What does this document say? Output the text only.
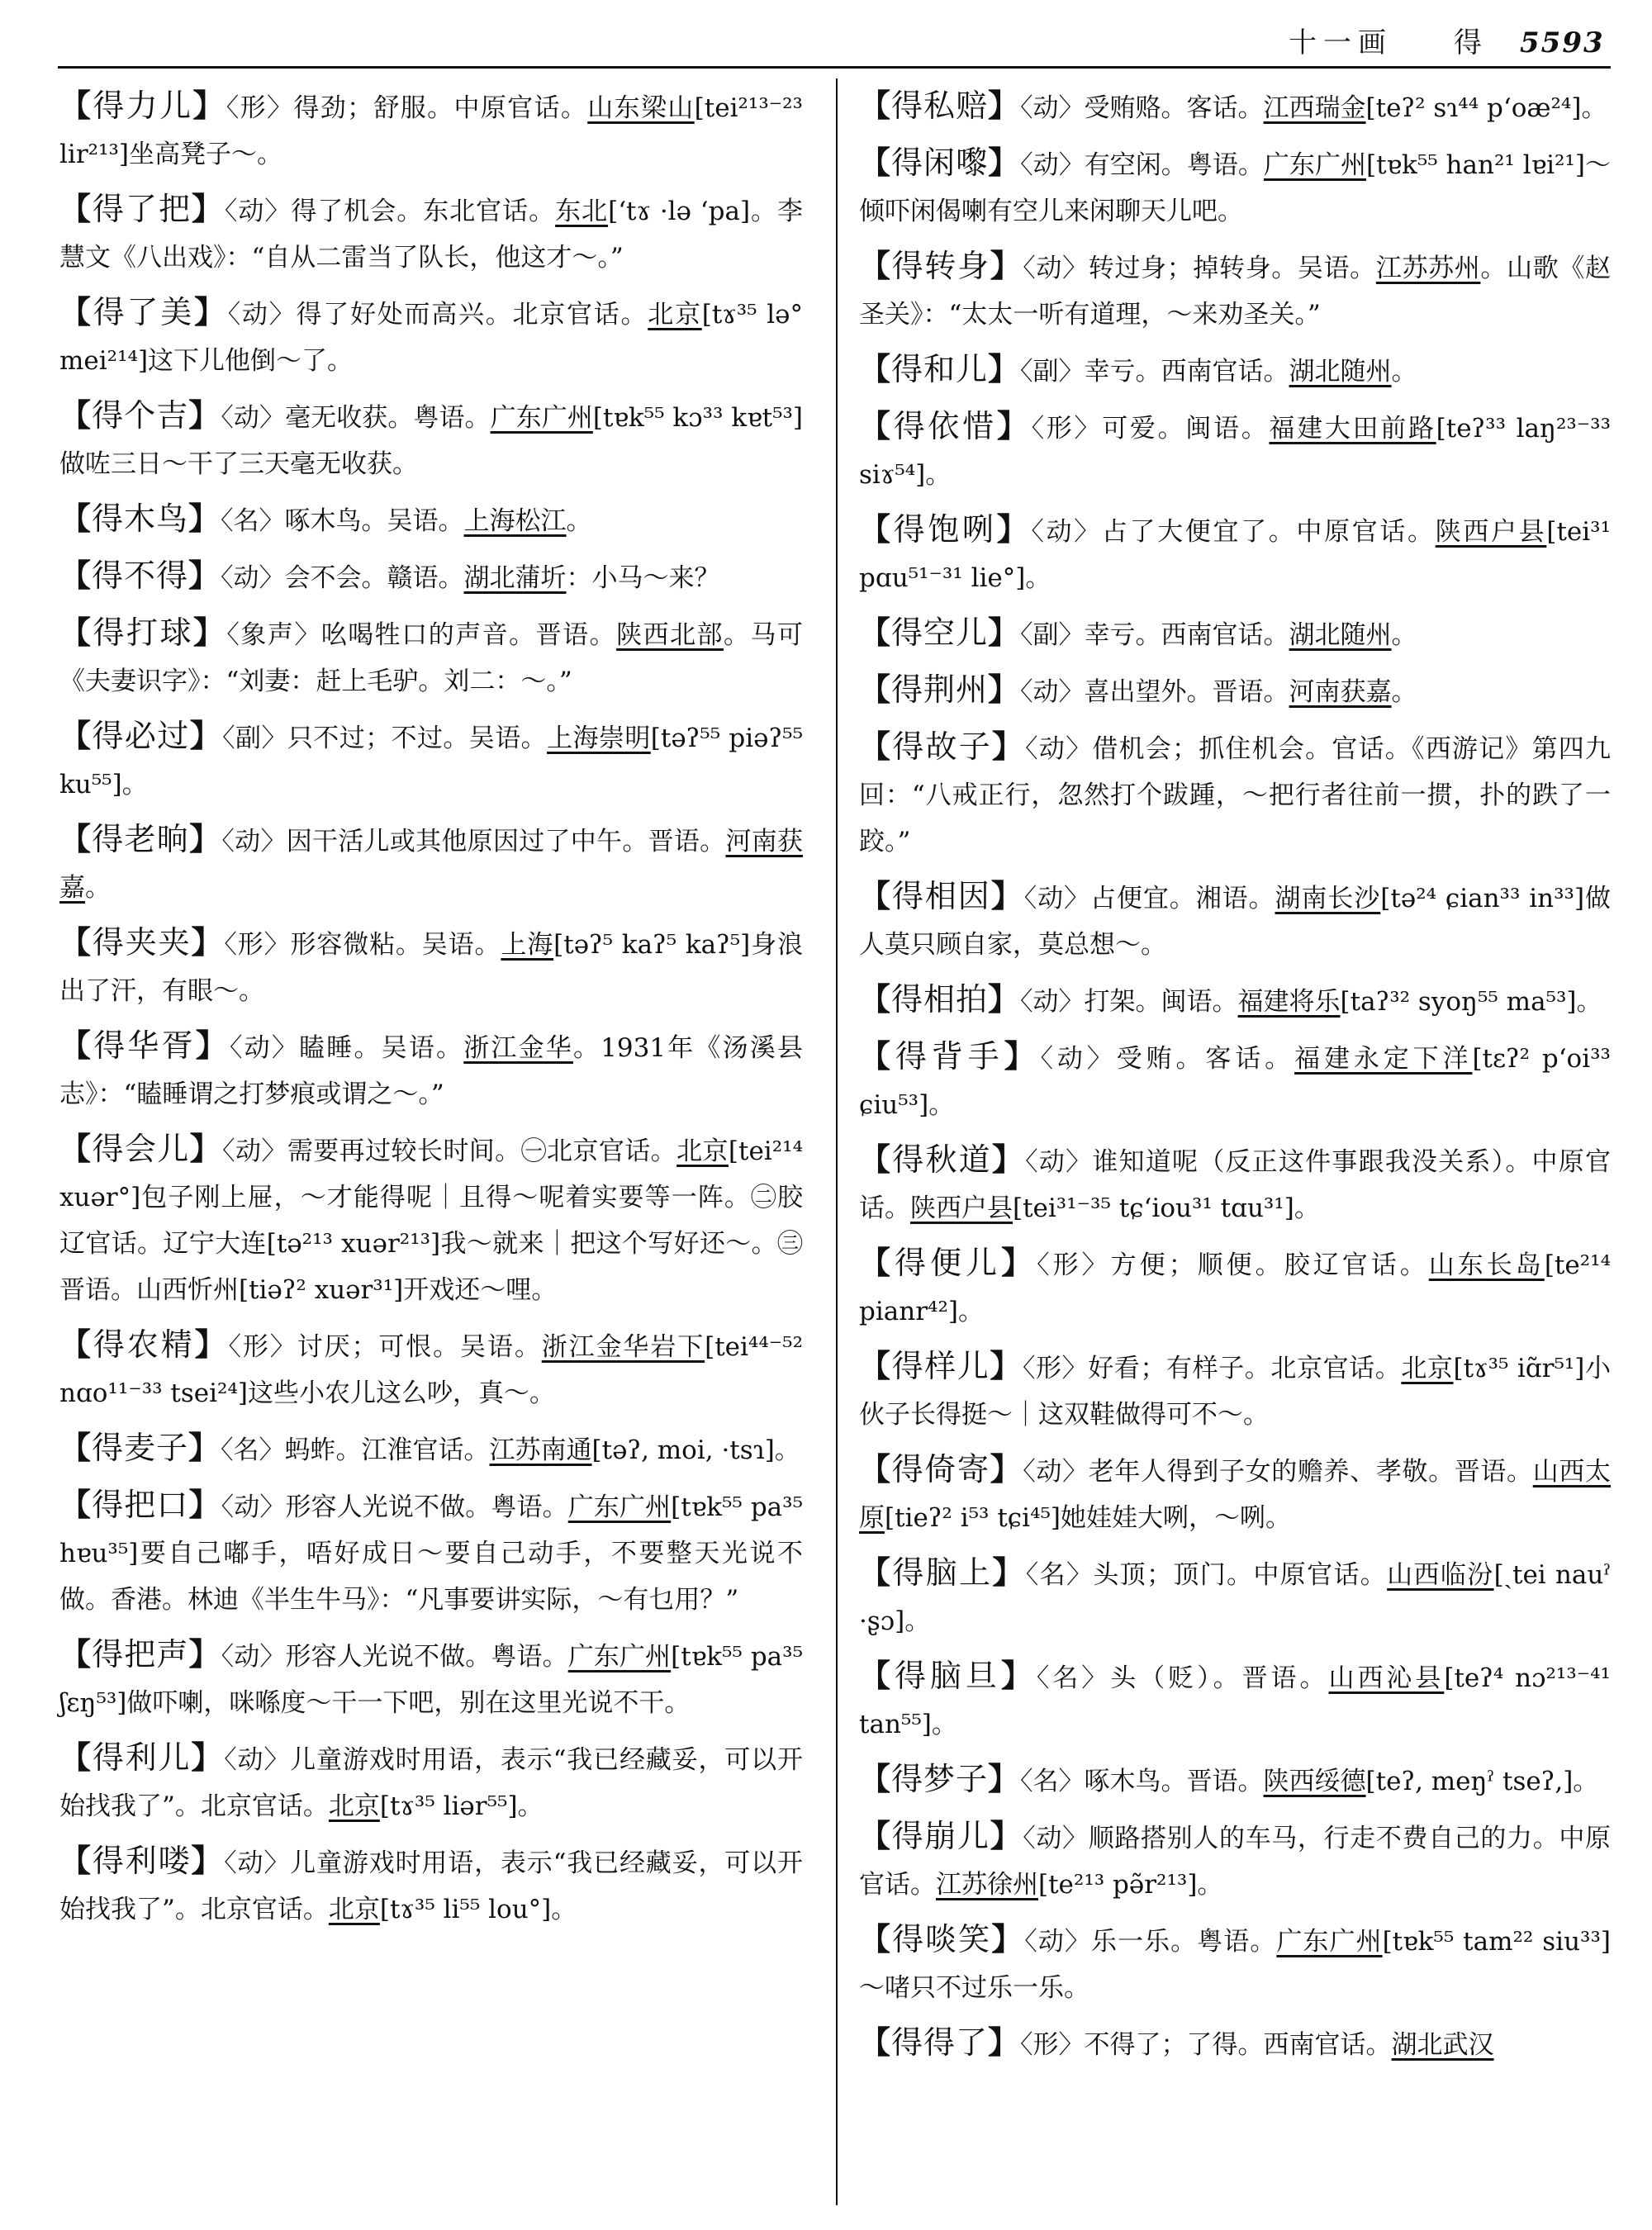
十一画 得 5593
【得力儿】〈形〉得劲；舒服。中原官话。山东梁山[tei²¹³⁻²³ lir²¹³]坐高凳子～。
【得了把】〈动〉得了机会。东北官话。东北[ʻtɤ ·lə ʻpa]。李慧文《八出戏》：“自从二雷当了队长，他这才～。”
【得了美】〈动〉得了好处而高兴。北京官话。北京[tɤ³⁵ lə° mei²¹⁴]这下儿他倒～了。
【得个吉】〈动〉毫无收获。粤语。广东广州[tɐk⁵⁵ kɔ³³ kɐt⁵³]做咗三日～干了三天毫无收获。
【得木鸟】〈名〉啄木鸟。吴语。上海松江。
【得不得】〈动〉会不会。赣语。湖北蒲圻：小马～来？
【得打球】〈象声〉吆喝牲口的声音。晋语。陕西北部。马可《夫妻识字》：“刘妻：赶上毛驴。刘二：～。”
【得必过】〈副〉只不过；不过。吴语。上海崇明[təʔ⁵⁵ piəʔ⁵⁵ ku⁵⁵]。
【得老晌】〈动〉因干活儿或其他原因过了中午。晋语。河南获嘉。
【得夹夹】〈形〉形容微粘。吴语。上海[təʔ⁵ kaʔ⁵ kaʔ⁵]身浪出了汗，有眼～。
【得华胥】〈动〉瞌睡。吴语。浙江金华。1931年《汤溪县志》：“瞌睡谓之打梦痕或谓之～。”
【得会儿】〈动〉需要再过较长时间。㊀北京官话。北京[tei²¹⁴ xuər°]包子刚上屉，～才能得呢｜且得～呢着实要等一阵。㊁胶辽官话。辽宁大连[tə²¹³ xuər²¹³]我～就来｜把这个写好还～。㊂晋语。山西忻州[tiəʔ² xuər³¹]开戏还～哩。
【得农精】〈形〉讨厌；可恨。吴语。浙江金华岩下[tei⁴⁴⁻⁵² nɑo¹¹⁻³³ tsei²⁴]这些小农儿这么吵，真～。
【得麦子】〈名〉蚂蚱。江淮官话。江苏南通[təʔ, moi, ·tsɿ]。
【得把口】〈动〉形容人光说不做。粤语。广东广州[tɐk⁵⁵ pa³⁵ hɐu³⁵]要自己嘟手，唔好成日～要自己动手，不要整天光说不做。香港。林迪《半生牛马》：“凡事要讲实际，～有乜用？”
【得把声】〈动〉形容人光说不做。粤语。广东广州[tɐk⁵⁵ pa³⁵ ʃɛŋ⁵³]做吓喇，咪喺度～干一下吧，别在这里光说不干。
【得利儿】〈动〉儿童游戏时用语，表示“我已经藏妥，可以开始找我了”。北京官话。北京[tɤ³⁵ liər⁵⁵]。
【得利喽】〈动〉儿童游戏时用语，表示“我已经藏妥，可以开始找我了”。北京官话。北京[tɤ³⁵ li⁵⁵ lou°]。
【得私赔】〈动〉受贿赂。客话。江西瑞金[teʔ² sɿ⁴⁴ pʻoæ²⁴]。
【得闲嚟】〈动〉有空闲。粤语。广东广州[tɐk⁵⁵ han²¹ lɐi²¹]～倾吓闲偈喇有空儿来闲聊天儿吧。
【得转身】〈动〉转过身；掉转身。吴语。江苏苏州。山歌《赵圣关》：“太太一听有道理，～来劝圣关。”
【得和儿】〈副〉幸亏。西南官话。湖北随州。
【得依惜】〈形〉可爱。闽语。福建大田前路[teʔ³³ laŋ²³⁻³³ siɤ⁵⁴]。
【得饱咧】〈动〉占了大便宜了。中原官话。陕西户县[tei³¹ pɑu⁵¹⁻³¹ lie°]。
【得空儿】〈副〉幸亏。西南官话。湖北随州。
【得荆州】〈动〉喜出望外。晋语。河南获嘉。
【得故子】〈动〉借机会；抓住机会。官话。《西游记》第四九回：“八戒正行，忽然打个跋踵，～把行者往前一掼，扑的跌了一跤。”
【得相因】〈动〉占便宜。湘语。湖南长沙[tə²⁴ ɕian³³ in³³]做人莫只顾自家，莫总想～。
【得相拍】〈动〉打架。闽语。福建将乐[taʔ³² syoŋ⁵⁵ ma⁵³]。
【得背手】〈动〉受贿。客话。福建永定下洋[tɛʔ² pʻoi³³ ɕiu⁵³]。
【得秋道】〈动〉谁知道呢（反正这件事跟我没关系）。中原官话。陕西户县[tei³¹⁻³⁵ tɕʻiou³¹ tɑu³¹]。
【得便儿】〈形〉方便；顺便。胶辽官话。山东长岛[te²¹⁴ pianr⁴²]。
【得样儿】〈形〉好看；有样子。北京官话。北京[tɤ³⁵ iɑ̃r⁵¹]小伙子长得挺～｜这双鞋做得可不～。
【得倚寄】〈动〉老年人得到子女的赡养、孝敬。晋语。山西太原[tieʔ² i⁵³ tɕi⁴⁵]她娃娃大咧，～咧。
【得脑上】〈名〉头顶；顶门。中原官话。山西临汾[ˏtei nauˀ ·ʂɔ]。
【得脑旦】〈名〉头（贬）。晋语。山西沁县[teʔ⁴ nɔ²¹³⁻⁴¹ tan⁵⁵]。
【得梦子】〈名〉啄木鸟。晋语。陕西绥德[teʔ, meŋˀ tseʔ,]。
【得崩儿】〈动〉顺路搭别人的车马，行走不费自己的力。中原官话。江苏徐州[te²¹³ pə̃r²¹³]。
【得啖笑】〈动〉乐一乐。粤语。广东广州[tɐk⁵⁵ tam²² siu³³]～啫只不过乐一乐。
【得得了】〈形〉不得了；了得。西南官话。湖北武汉
